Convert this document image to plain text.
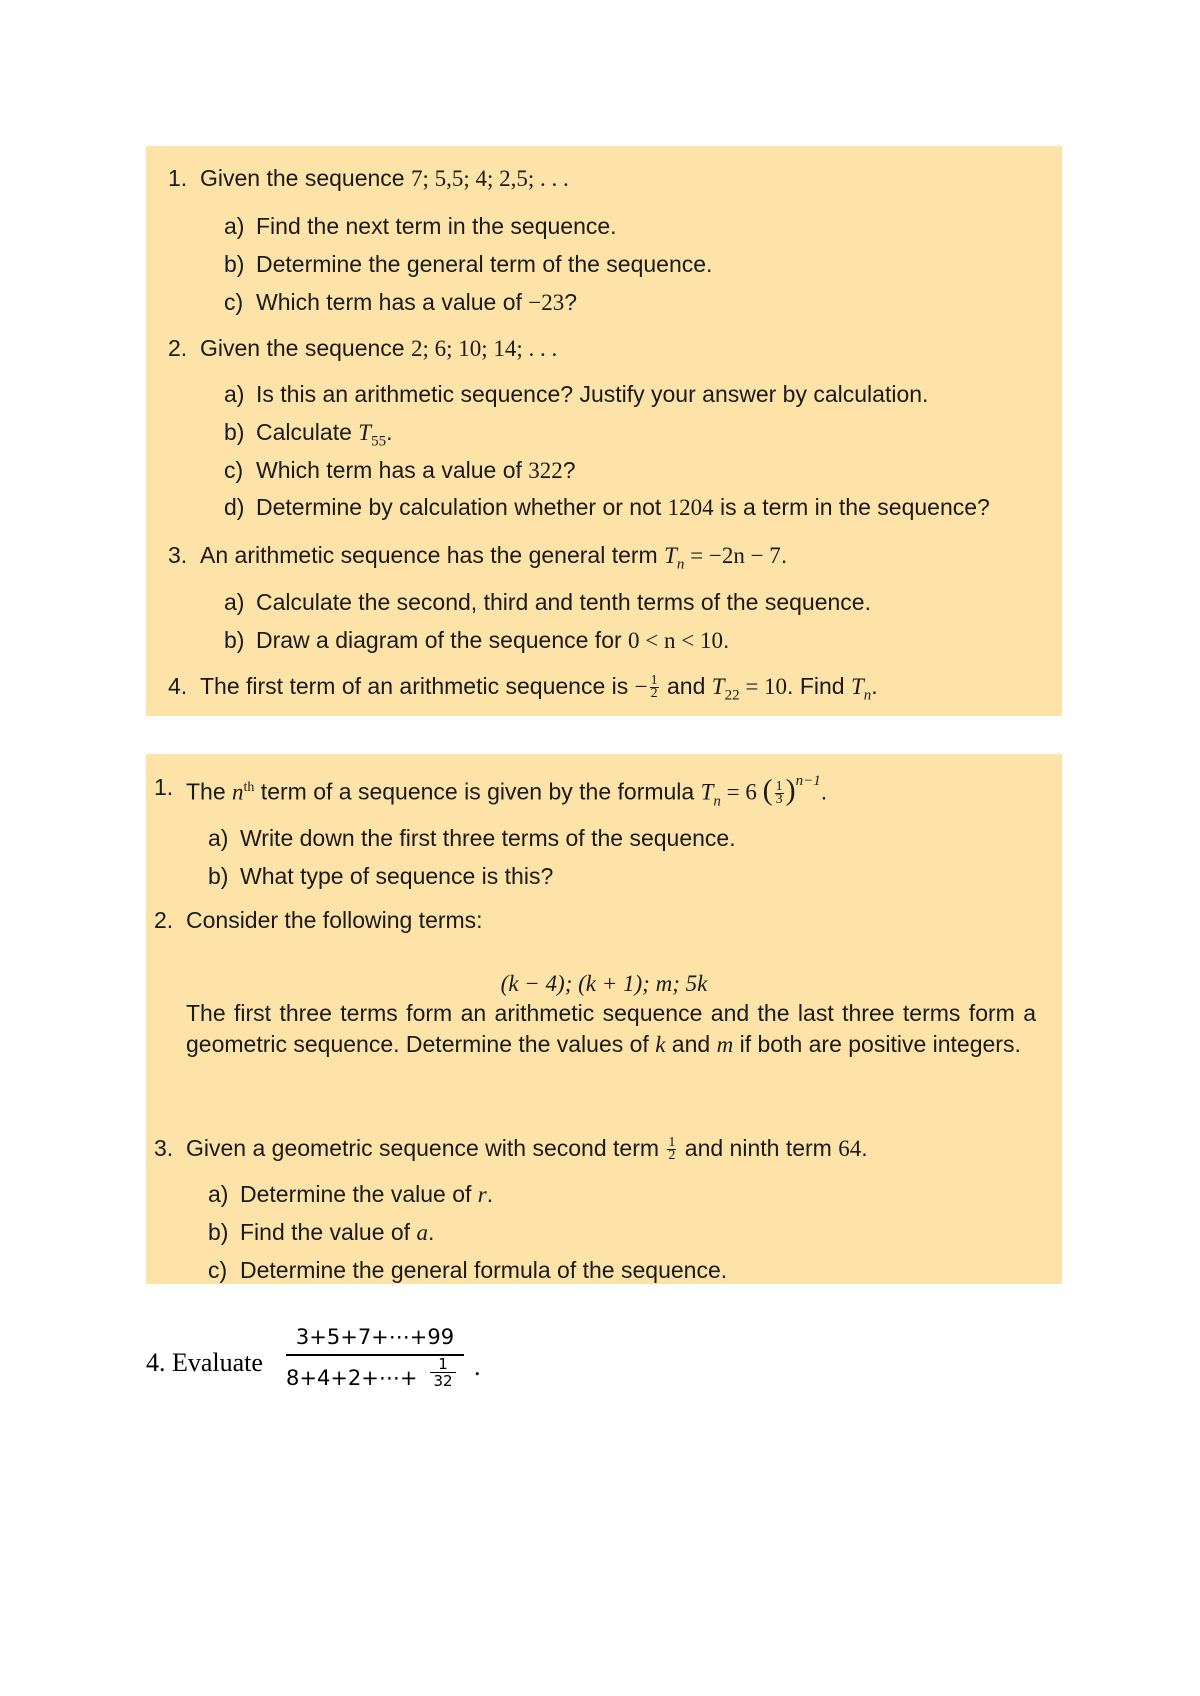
1. Given the sequence 7; 5,5; 4; 2,5; . . .
a) Find the next term in the sequence.
b) Determine the general term of the sequence.
c) Which term has a value of −23?
2. Given the sequence 2; 6; 10; 14; . . .
a) Is this an arithmetic sequence? Justify your answer by calculation.
b) Calculate $T_{55}$.
c) Which term has a value of 322?
d) Determine by calculation whether or not 1204 is a term in the sequence?
3. An arithmetic sequence has the general term $T_n = -2n - 7$.
a) Calculate the second, third and tenth terms of the sequence.
b) Draw a diagram of the sequence for 0 < n < 10.
4. The first term of an arithmetic sequence is − $\frac{1}{2}$ and $T_{22} = 10$. Find $T_n$.
1. The $n^{th}$ term of a sequence is given by the formula $T_n = 6$ ( $\frac{1}{3} )^{n-1}$.
a) Write down the first three terms of the sequence.
b) What type of sequence is this?
2. Consider the following terms:
(k − 4); (k + 1); m; 5k
The first three terms form an arithmetic sequence and the last three terms form a geometric sequence. Determine the values of k and m if both are positive integers.
3. Given a geometric sequence with second term $\frac{1}{2}$ and ninth term 64.
a) Determine the value of r.
b) Find the value of a.
c) Determine the general formula of the sequence.
4. Evaluate
3+5+7+⋯+99
8+4+2+⋯+ $\frac{1}{32}$ .
